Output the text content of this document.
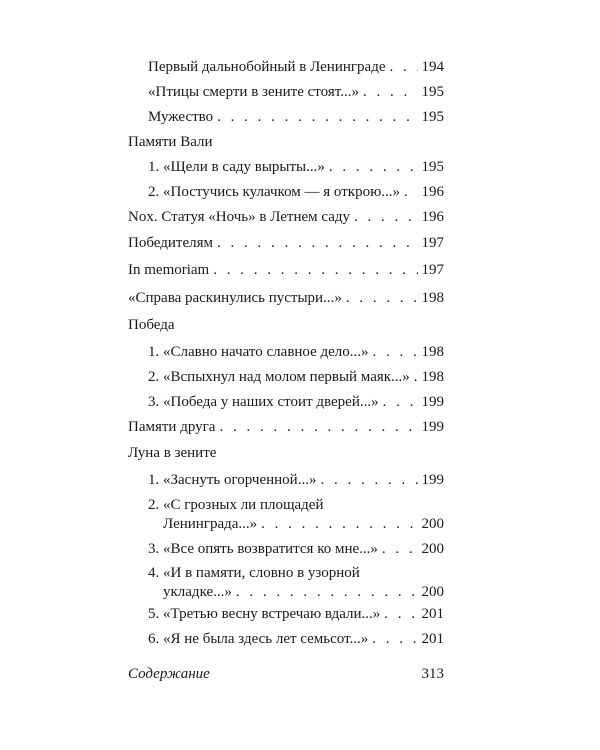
Первый дальнобойный в Ленинграде . . . 194
«Птицы смерти в зените стоят...» . . .	195
Мужество . . .	195
Памяти Вали
1. «Щели в саду вырыты...» . . .	195
2. «Постучись кулачком — я открою...» . . . 196
Nox. Статуя «Ночь» в Летнем саду . . .	196
Победителям . . .	197
In memoriam . . .	197
«Справа раскинулись пустыри...» . . .	198
Победа
1. «Славно начато славное дело...» . . .	198
2. «Вспыхнул над молом первый маяк...» . . . 198
3. «Победа у наших стоит дверей...» . . .	199
Памяти друга . . .	199
Луна в зените
1. «Заснуть огорченной...» . . .	199
2. «С грозных ли площадей
Ленинграда...» . . .	200
3. «Все опять возвратится ко мне...» . . .	200
4. «И в памяти, словно в узорной
укладке...» . . .	200
5. «Третью весну встречаю вдали...» . . .	201
6. «Я не была здесь лет семьсот...» . . .	201
Содержание	313
